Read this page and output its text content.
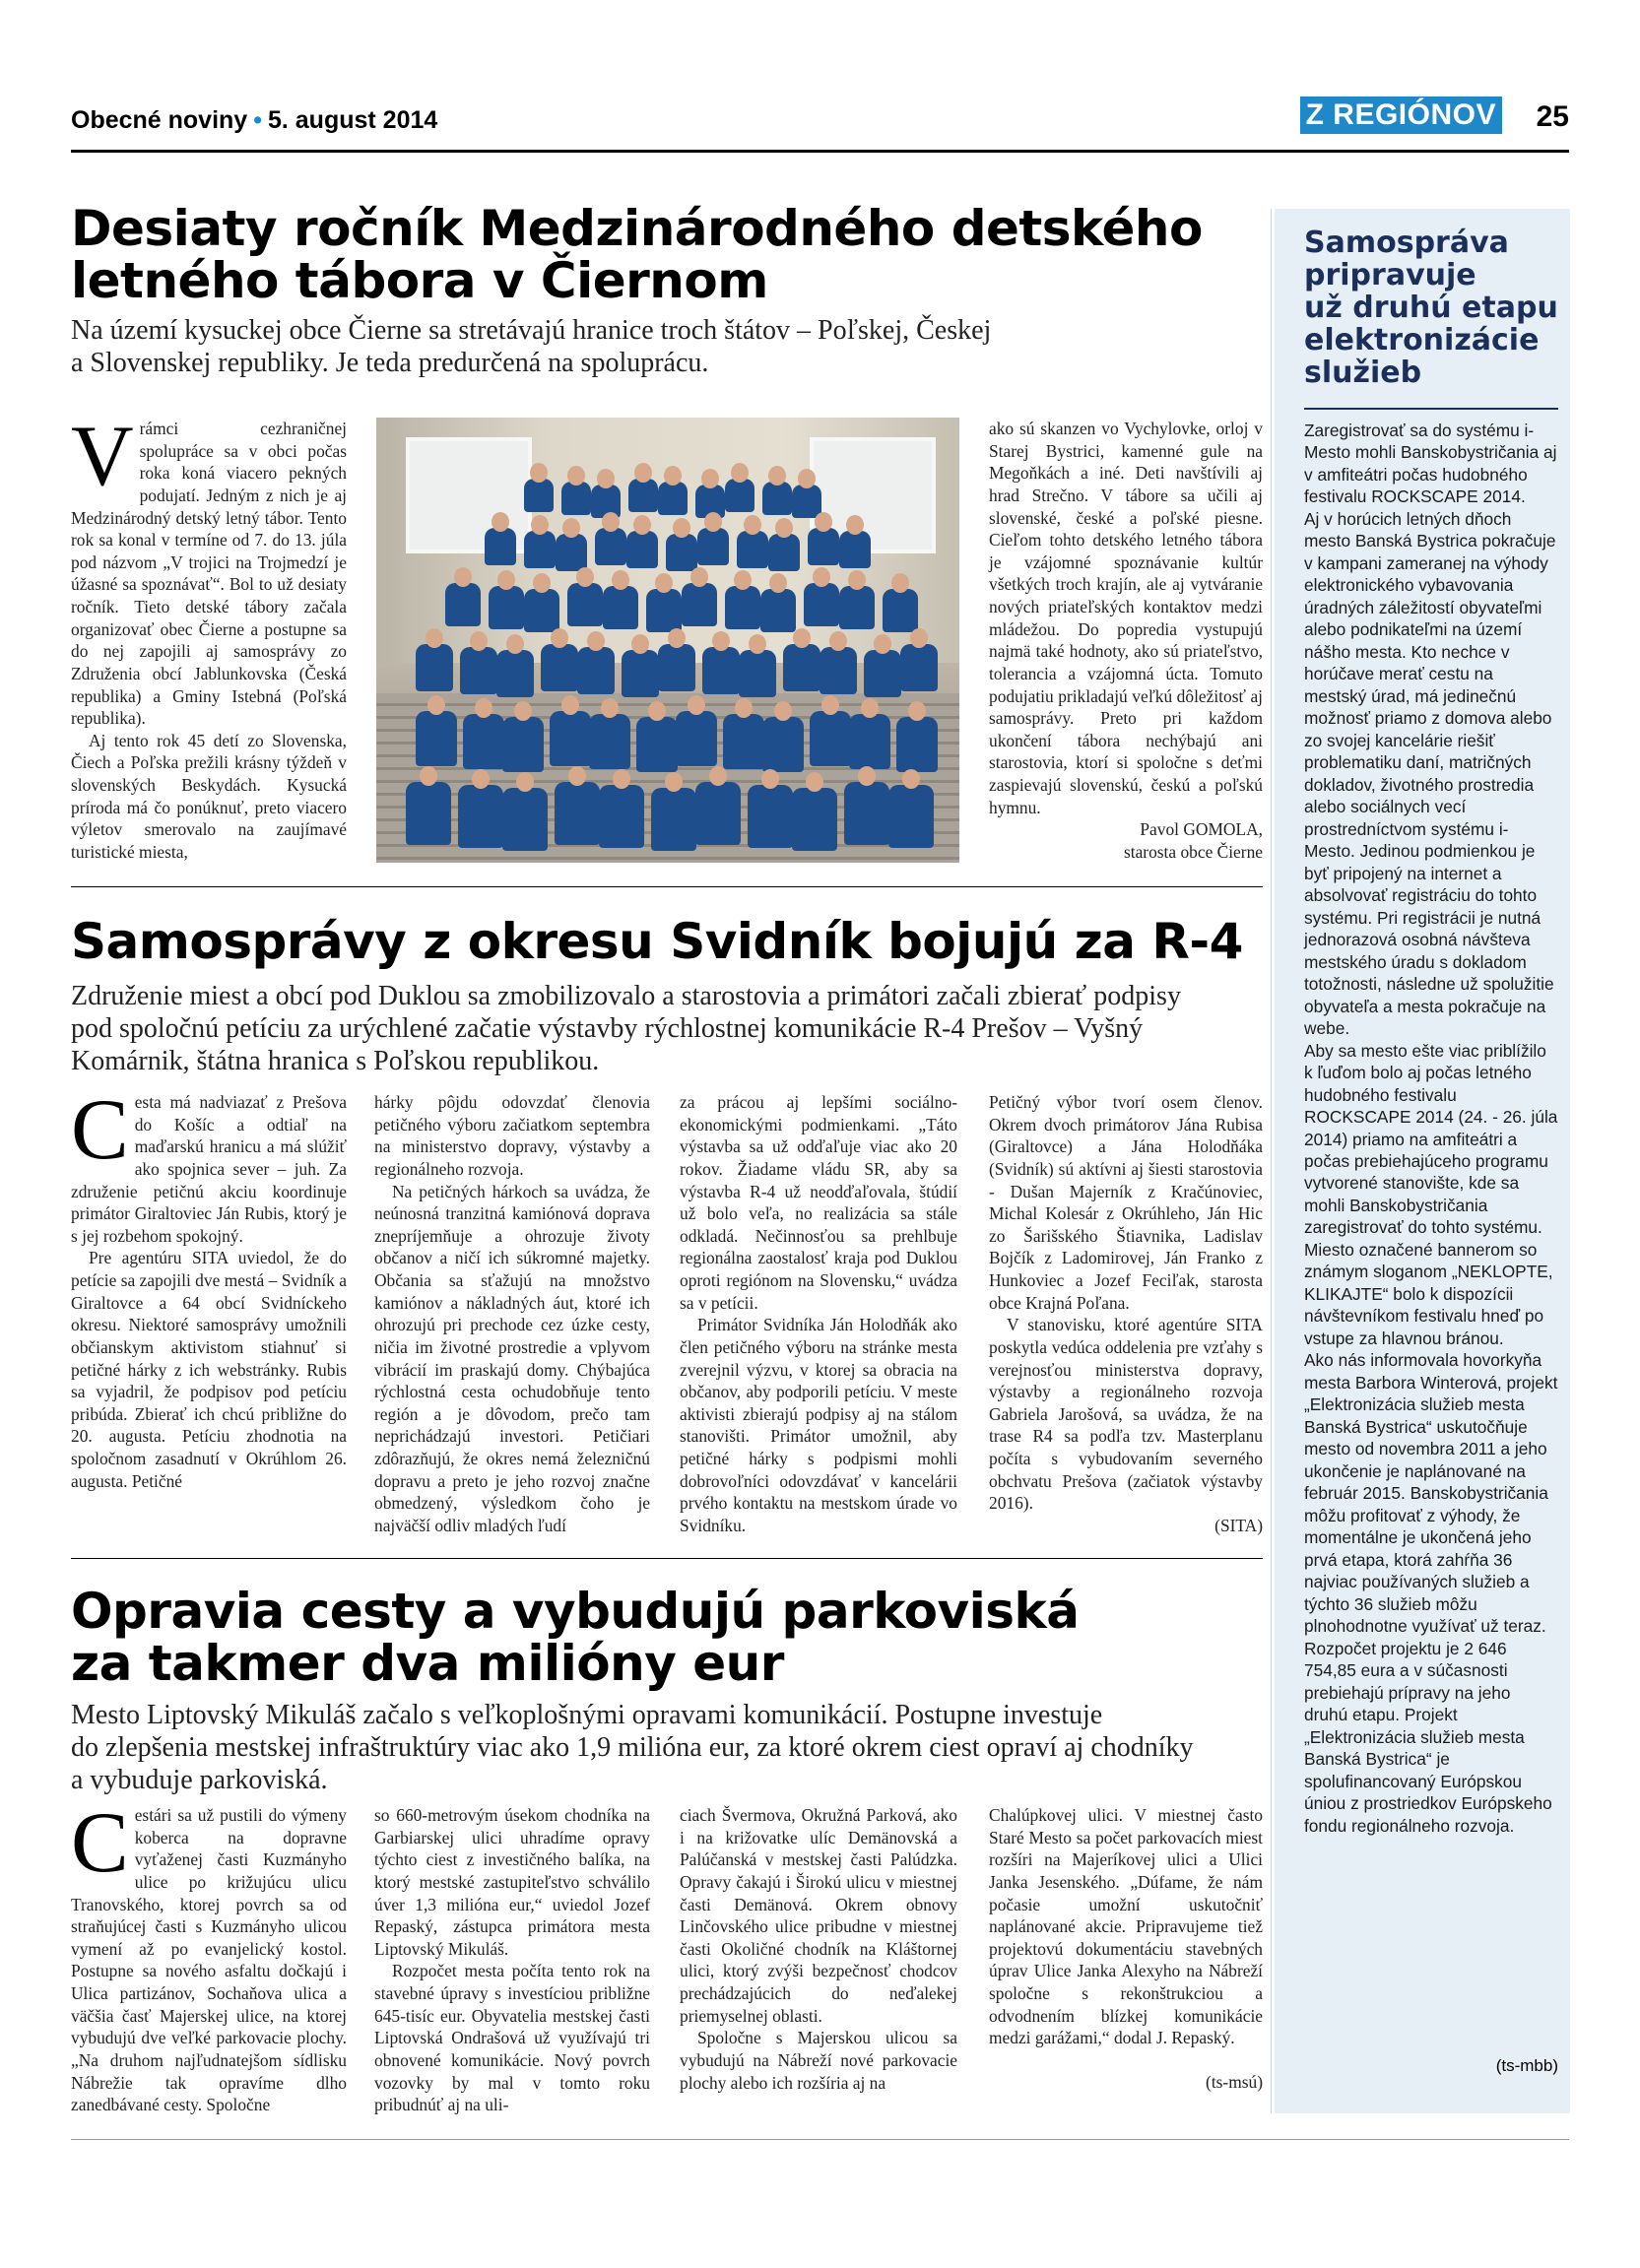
Obecné noviny • 5. august 2014	Z REGIÓNOV 25
Desiaty ročník Medzinárodného detského
letného tábora v Čiernom

Na území kysuckej obce Čierne sa stretávajú hranice troch štátov – Poľskej, Českej
a Slovenskej republiky. Je teda predurčená na spoluprácu.

Vrámci cezhraničnej spolupráce sa v obci počas roka koná viacero pekných podujatí. Jedným z nich je aj Medzinárodný detský letný tábor. Tento rok sa konal v termíne od 7. do 13. júla pod názvom „V trojici na Trojmedzí je úžasné sa spoznávať“. Bol to už desiaty ročník. Tieto detské tábory začala organizovať obec Čierne a postupne sa do nej zapojili aj samosprávy zo Združenia obcí Jablunkovska (Česká republika) a Gminy Istebná (Poľská republika).

Aj tento rok 45 detí zo Slovenska, Čiech a Poľska prežili krásny týždeň v slovenských Beskydách. Kysucká príroda má čo ponúknuť, preto viacero výletov smerovalo na zaujímavé turistické miesta,

ako sú skanzen vo Vychylovke, orloj v Starej Bystrici, kamenné gule na Megoňkách a iné. Deti navštívili aj hrad Strečno. V tábore sa učili aj slovenské, české a poľské piesne. Cieľom tohto detského letného tábora je vzájomné spoznávanie kultúr všetkých troch krajín, ale aj vytváranie nových priateľských kontaktov medzi mládežou. Do popredia vystupujú najmä také hodnoty, ako sú priateľstvo, tolerancia a vzájomná úcta. Tomuto podujatiu prikladajú veľkú dôležitosť aj samosprávy. Preto pri každom ukončení tábora nechýbajú ani starostovia, ktorí si spoločne s deťmi zaspievajú slovenskú, českú a poľskú hymnu.

Pavol GOMOLA,

starosta obce Čierne

Samosprávy z okresu Svidník bojujú za R-4

Združenie miest a obcí pod Duklou sa zmobilizovalo a starostovia a primátori začali zbierať podpisy
pod spoločnú petíciu za urýchlené začatie výstavby rýchlostnej komunikácie R-4 Prešov – Vyšný
Komárnik, štátna hranica s Poľskou republikou.

Cesta má nadviazať z Prešova do Košíc a odtiaľ na maďarskú hranicu a má slúžiť ako spojnica sever – juh. Za združenie petičnú akciu koordinuje primátor Giraltoviec Ján Rubis, ktorý je s jej rozbehom spokojný.

Pre agentúru SITA uviedol, že do petície sa zapojili dve mestá – Svidník a Giraltovce a 64 obcí Svidníckeho okresu. Niektoré samosprávy umožnili občianskym aktivistom stiahnuť si petičné hárky z ich webstránky. Rubis sa vyjadril, že podpisov pod petíciu pribúda. Zbierať ich chcú približne do 20. augusta. Petíciu zhodnotia na spoločnom zasadnutí v Okrúhlom 26. augusta. Petičné

hárky pôjdu odovzdať členovia petičného výboru začiatkom septembra na ministerstvo dopravy, výstavby a regionálneho rozvoja.

Na petičných hárkoch sa uvádza, že neúnosná tranzitná kamiónová doprava znepríjemňuje a ohrozuje životy občanov a ničí ich súkromné majetky. Občania sa sťažujú na množstvo kamiónov a nákladných áut, ktoré ich ohrozujú pri prechode cez úzke cesty, ničia im životné prostredie a vplyvom vibrácií im praskajú domy. Chýbajúca rýchlostná cesta ochudobňuje tento región a je dôvodom, prečo tam neprichádzajú investori. Petičiari zdôrazňujú, že okres nemá železničnú dopravu a preto je jeho rozvoj značne obmedzený, výsledkom čoho je najväčší odliv mladých ľudí

za prácou aj lepšími sociálno-ekonomickými podmienkami. „Táto výstavba sa už odďaľuje viac ako 20 rokov. Žiadame vládu SR, aby sa výstavba R-4 už neodďaľovala, štúdií už bolo veľa, no realizácia sa stále odkladá. Nečinnosťou sa prehlbuje regionálna zaostalosť kraja pod Duklou oproti regiónom na Slovensku,“ uvádza sa v petícii.

Primátor Svidníka Ján Holodňák ako člen petičného výboru na stránke mesta zverejnil výzvu, v ktorej sa obracia na občanov, aby podporili petíciu. V meste aktivisti zbierajú podpisy aj na stálom stanovišti. Primátor umožnil, aby petičné hárky s podpismi mohli dobrovoľníci odovzdávať v kancelárii prvého kontaktu na mestskom úrade vo Svidníku.

Petičný výbor tvorí osem členov. Okrem dvoch primátorov Jána Rubisa (Giraltovce) a Jána Holodňáka (Svidník) sú aktívni aj šiesti starostovia - Dušan Majerník z Kračúnoviec, Michal Kolesár z Okrúhleho, Ján Hic zo Šarišského Štiavnika, Ladislav Bojčík z Ladomirovej, Ján Franko z Hunkoviec a Jozef Feciľak, starosta obce Krajná Poľana.

V stanovisku, ktoré agentúre SITA poskytla vedúca oddelenia pre vzťahy s verejnosťou ministerstva dopravy, výstavby a regionálneho rozvoja Gabriela Jarošová, sa uvádza, že na trase R4 sa podľa tzv. Masterplanu počíta s vybudovaním severného obchvatu Prešova (začiatok výstavby 2016).

(SITA)

Opravia cesty a vybudujú parkoviská
za takmer dva milióny eur

Mesto Liptovský Mikuláš začalo s veľkoplošnými opravami komunikácií. Postupne investuje
do zlepšenia mestskej infraštruktúry viac ako 1,9 milióna eur, za ktoré okrem ciest opraví aj chodníky
a vybuduje parkoviská.

Cestári sa už pustili do výmeny koberca na dopravne vyťaženej časti Kuzmányho ulice po križujúcu ulicu Tranovského, ktorej povrch sa od straňujúcej časti s Kuzmányho ulicou vymení až po evanjelický kostol. Postupne sa nového asfaltu dočkajú i Ulica partizánov, Sochaňova ulica a väčšia časť Majerskej ulice, na ktorej vybudujú dve veľké parkovacie plochy. „Na druhom najľudnatejšom sídlisku Nábrežie tak opravíme dlho zanedbávané cesty. Spoločne

so 660-metrovým úsekom chodníka na Garbiarskej ulici uhradíme opravy týchto ciest z investičného balíka, na ktorý mestské zastupiteľstvo schválilo úver 1,3 milióna eur,“ uviedol Jozef Repaský, zástupca primátora mesta Liptovský Mikuláš.

Rozpočet mesta počíta tento rok na stavebné úpravy s investíciou približne 645-tisíc eur. Obyvatelia mestskej časti Liptovská Ondrašová už využívajú tri obnovené komunikácie. Nový povrch vozovky by mal v tomto roku pribudnúť aj na uli-

ciach Švermova, Okružná Parková, ako i na križovatke ulíc Demänovská a Palúčanská v mestskej časti Palúdzka. Opravy čakajú i Širokú ulicu v miestnej časti Demänová. Okrem obnovy Linčovského ulice pribudne v miestnej časti Okoličné chodník na Kláštornej ulici, ktorý zvýši bezpečnosť chodcov prechádzajúcich do neďalekej priemyselnej oblasti.

Spoločne s Majerskou ulicou sa vybudujú na Nábreží nové parkovacie plochy alebo ich rozšíria aj na

Chalúpkovej ulici. V miestnej často Staré Mesto sa počet parkovacích miest rozšíri na Majeríkovej ulici a Ulici Janka Jesenského. „Dúfame, že nám počasie umožní uskutočniť naplánované akcie. Pripravujeme tiež projektovú dokumentáciu stavebných úprav Ulice Janka Alexyho na Nábreží spoločne s rekonštrukciou a odvodnením blízkej komunikácie medzi garážami,“ dodal J. Repaský.

(ts-msú)

Samospráva
pripravuje
už druhú etapu
elektronizácie
služieb

Zaregistrovať sa do systému i-Mesto mohli Banskobystričania aj v amfiteátri počas hudobného festivalu ROCKSCAPE 2014.

Aj v horúcich letných dňoch mesto Banská Bystrica pokračuje v kampani zameranej na výhody elektronického vybavovania úradných záležitostí obyvateľmi alebo podnikateľmi na území nášho mesta. Kto nechce v horúčave merať cestu na mestský úrad, má jedinečnú možnosť priamo z domova alebo zo svojej kancelárie riešiť problematiku daní, matričných dokladov, životného prostredia alebo sociálnych vecí prostredníctvom systému i-Mesto. Jedinou podmienkou je byť pripojený na internet a absolvovať registráciu do tohto systému. Pri registrácii je nutná jednorazová osobná návšteva mestského úradu s dokladom totožnosti, následne už spolužitie obyvateľa a mesta pokračuje na webe.

Aby sa mesto ešte viac priblížilo k ľuďom bolo aj počas letného hudobného festivalu ROCKSCAPE 2014 (24. - 26. júla 2014) priamo na amfiteátri a počas prebiehajúceho programu vytvorené stanovište, kde sa mohli Banskobystričania zaregistrovať do tohto systému. Miesto označené bannerom so známym sloganom „NEKLOPTE, KLIKAJTE“ bolo k dispozícii návštevníkom festivalu hneď po vstupe za hlavnou bránou.

Ako nás informovala hovorkyňa mesta Barbora Winterová, projekt „Elektronizácia služieb mesta Banská Bystrica“ uskutočňuje mesto od novembra 2011 a jeho ukončenie je naplánované na február 2015. Banskobystričania môžu profitovať z výhody, že momentálne je ukončená jeho prvá etapa, ktorá zahŕňa 36 najviac používaných služieb a týchto 36 služieb môžu plnohodnotne využívať už teraz. Rozpočet projektu je 2 646 754,85 eura a v súčasnosti prebiehajú prípravy na jeho druhú etapu. Projekt „Elektronizácia služieb mesta Banská Bystrica“ je spolufinancovaný Európskou úniou z prostriedkov Európskeho fondu regionálneho rozvoja.

(ts-mbb)
